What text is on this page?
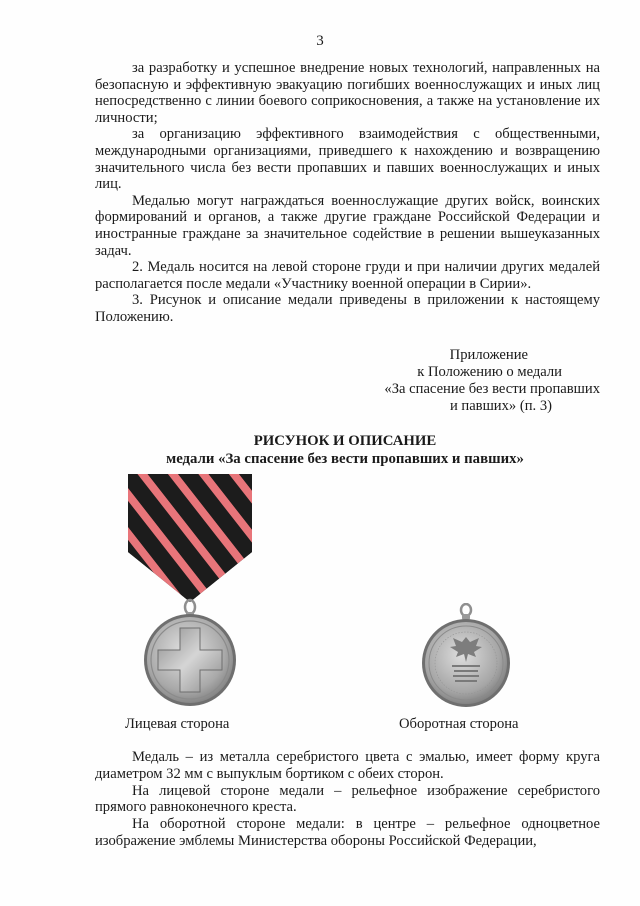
3

за разработку и успешное внедрение новых технологий, направленных на безопасную и эффективную эвакуацию погибших военнослужащих и иных лиц непосредственно с линии боевого соприкосновения, а также на установление их личности;

за организацию эффективного взаимодействия с общественными, международными организациями, приведшего к нахождению и возвращению значительного числа без вести пропавших и павших военнослужащих и иных лиц.

Медалью могут награждаться военнослужащие других войск, воинских формирований и органов, а также другие граждане Российской Федерации и иностранные граждане за значительное содействие в решении вышеуказанных задач.

2. Медаль носится на левой стороне груди и при наличии других медалей располагается после медали «Участнику военной операции в Сирии».

3. Рисунок и описание медали приведены в приложении к настоящему Положению.

Приложение
к Положению о медали
«За спасение без вести пропавших
и павших» (п. 3)
РИСУНОК И ОПИСАНИЕ
медали «За спасение без вести пропавших и павших»
Лицевая сторона	Оборотная сторона

Медаль – из металла серебристого цвета с эмалью, имеет форму круга диаметром 32 мм с выпуклым бортиком с обеих сторон.

На лицевой стороне медали – рельефное изображение серебристого прямого равноконечного креста.

На оборотной стороне медали: в центре – рельефное одноцветное изображение эмблемы Министерства обороны Российской Федерации,
